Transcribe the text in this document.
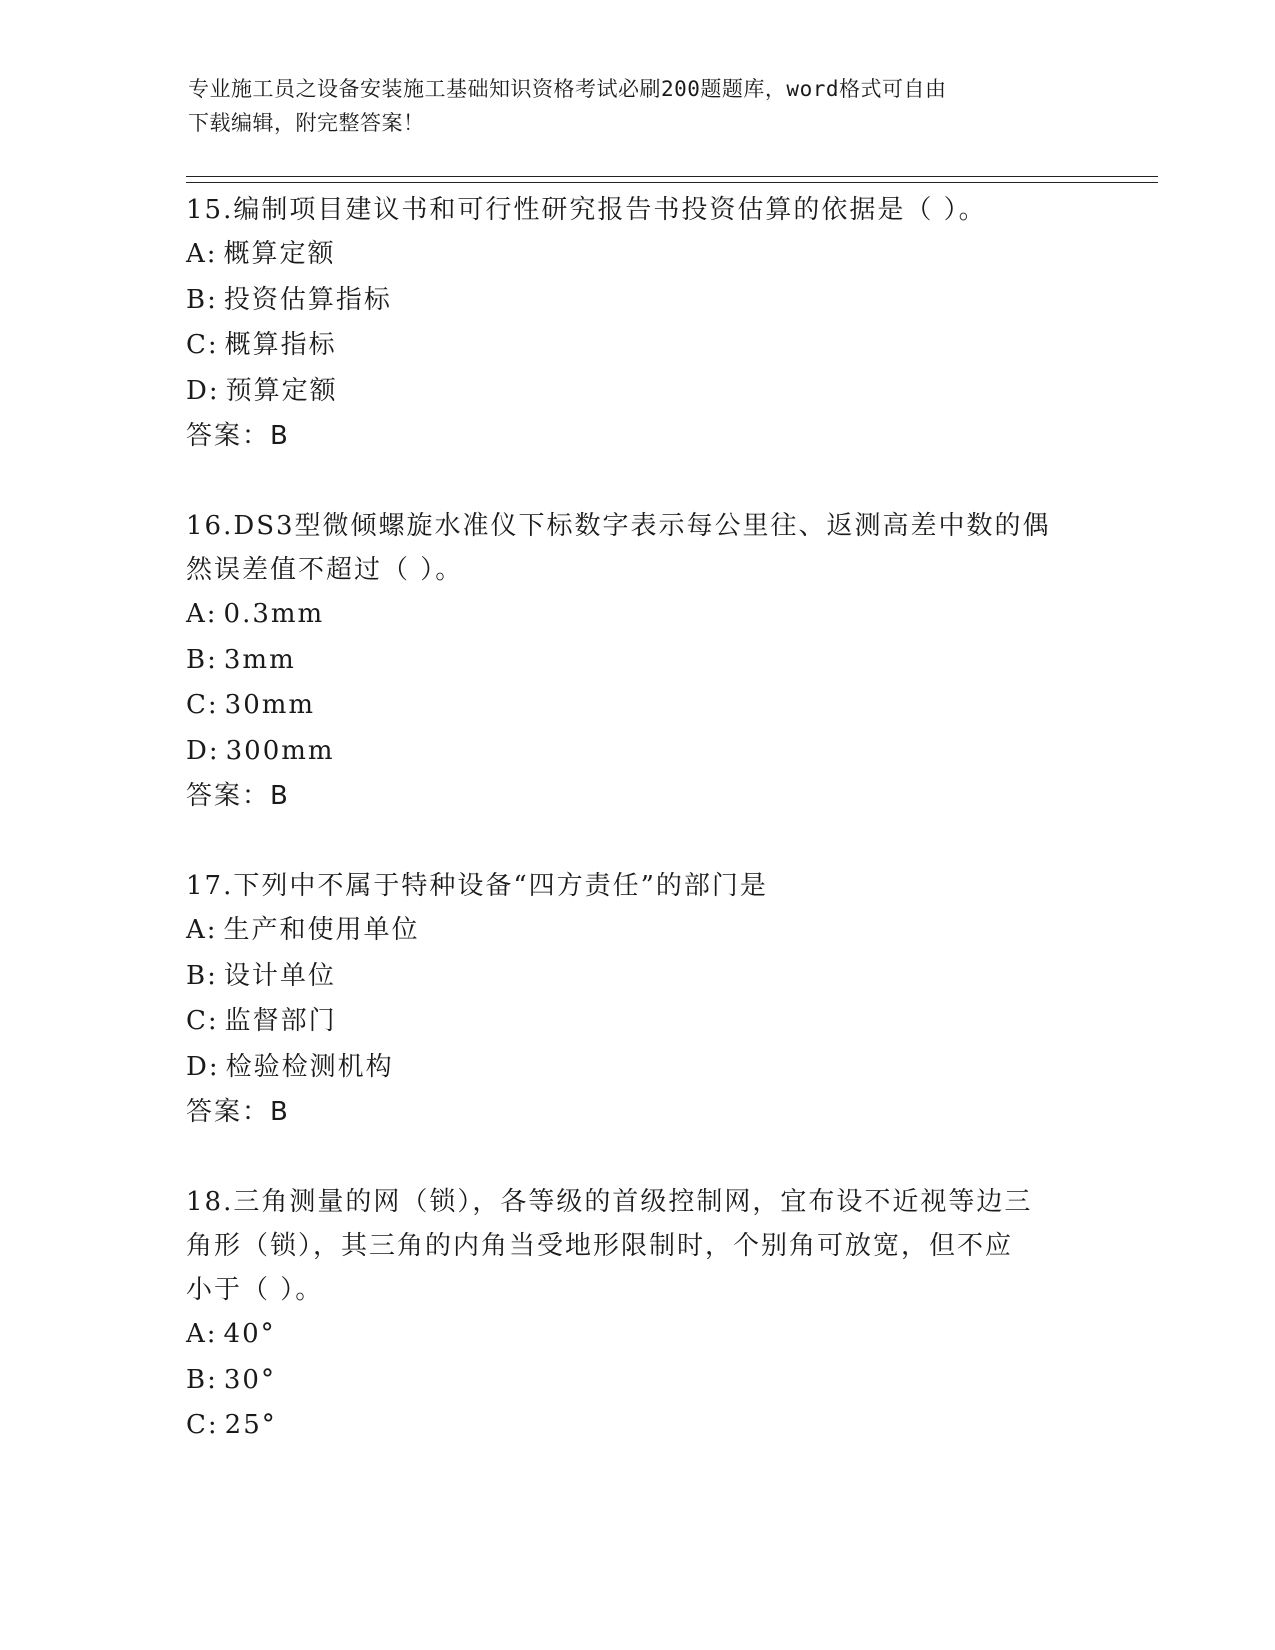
专业施工员之设备安装施工基础知识资格考试必刷200题题库，word格式可自由
下载编辑，附完整答案！

15.编制项目建议书和可行性研究报告书投资估算的依据是（ ）。

A: 概算定额

B: 投资估算指标

C: 概算指标

D: 预算定额

答案：B

16.DS3型微倾螺旋水准仪下标数字表示每公里往、返测高差中数的偶

然误差值不超过（ ）。

A: 0.3mm

B: 3mm

C: 30mm

D: 300mm

答案：B

17.下列中不属于特种设备“四方责任”的部门是

A: 生产和使用单位

B: 设计单位

C: 监督部门

D: 检验检测机构

答案：B

18.三角测量的网（锁），各等级的首级控制网，宜布设不近视等边三

角形（锁），其三角的内角当受地形限制时，个别角可放宽，但不应

小于（ ）。

A: 40°

B: 30°

C: 25°
